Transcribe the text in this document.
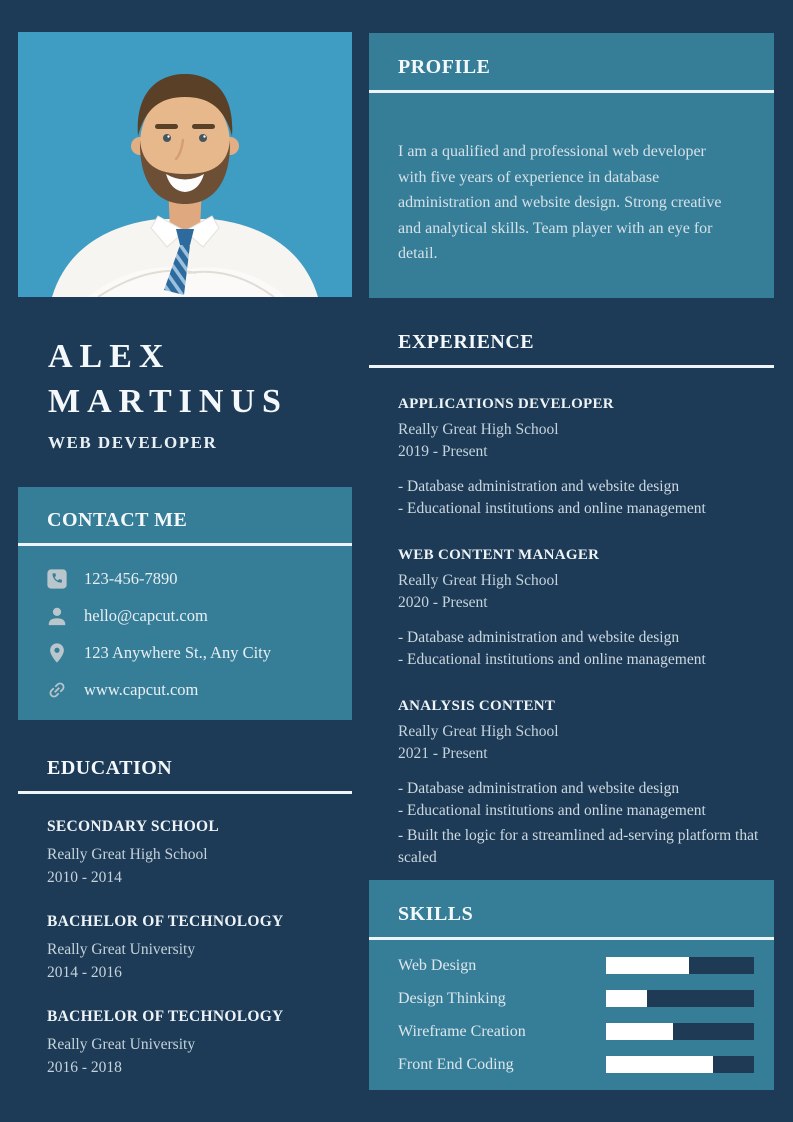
ALEX
MARTINUS
WEB DEVELOPER
CONTACT ME
123-456-7890
hello@capcut.com
123 Anywhere St., Any City
www.capcut.com
EDUCATION
SECONDARY SCHOOL
Really Great High School
2010 - 2014
BACHELOR OF TECHNOLOGY
Really Great University
2014 - 2016
BACHELOR OF TECHNOLOGY
Really Great University
2016 - 2018
PROFILE
I am a qualified and professional web developer with five years of experience in database administration and website design. Strong creative and analytical skills. Team player with an eye for detail.
EXPERIENCE
APPLICATIONS DEVELOPER
Really Great High School
2019 - Present
- Database administration and website design
- Educational institutions and online management
WEB CONTENT MANAGER
Really Great High School
2020 - Present
- Database administration and website design
- Educational institutions and online management
ANALYSIS CONTENT
Really Great High School
2021 - Present
- Database administration and website design
- Educational institutions and online management
- Built the logic for a streamlined ad-serving platform that scaled
SKILLS
Web Design
Design Thinking
Wireframe Creation
Front End Coding
